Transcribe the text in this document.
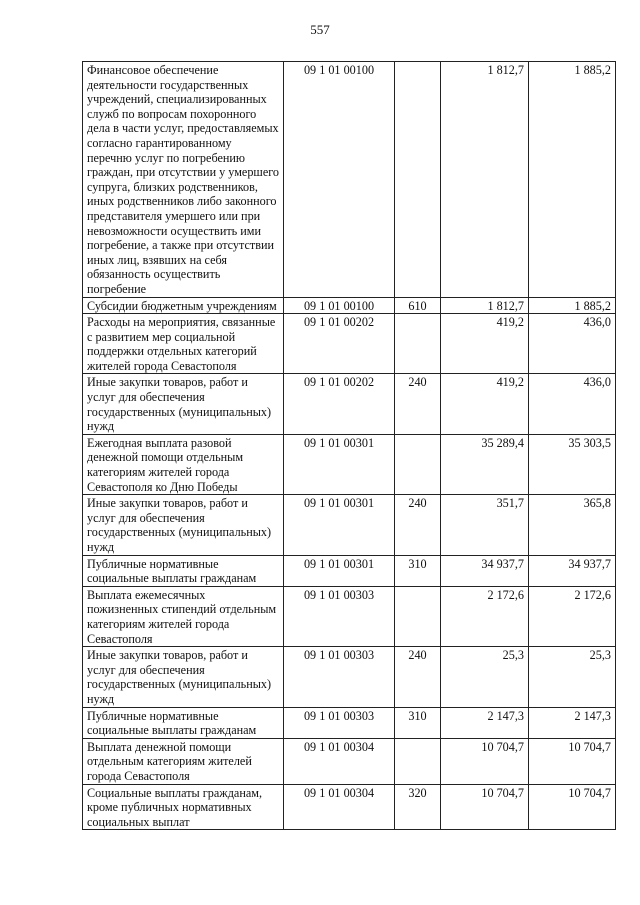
557
Финансовое обеспечение деятельности государственных учреждений, специализированных служб по вопросам похоронного дела в части услуг, предоставляемых согласно гарантированному перечню услуг по погребению граждан, при отсутствии у умершего супруга, близких родственников, иных родственников либо законного представителя умершего или при невозможности осуществить ими погребение, а также при отсутствии иных лиц, взявших на себя обязанность осуществить погребение	09 1 01 00100		1 812,7	1 885,2
Субсидии бюджетным учреждениям	09 1 01 00100	610	1 812,7	1 885,2
Расходы на мероприятия, связанные с развитием мер социальной поддержки отдельных категорий жителей города Севастополя	09 1 01 00202		419,2	436,0
Иные закупки товаров, работ и услуг для обеспечения государственных (муниципальных) нужд	09 1 01 00202	240	419,2	436,0
Ежегодная выплата разовой денежной помощи отдельным категориям жителей города Севастополя ко Дню Победы	09 1 01 00301		35 289,4	35 303,5
Иные закупки товаров, работ и услуг для обеспечения государственных (муниципальных) нужд	09 1 01 00301	240	351,7	365,8
Публичные нормативные социальные выплаты гражданам	09 1 01 00301	310	34 937,7	34 937,7
Выплата ежемесячных пожизненных стипендий отдельным категориям жителей города Севастополя	09 1 01 00303		2 172,6	2 172,6
Иные закупки товаров, работ и услуг для обеспечения государственных (муниципальных) нужд	09 1 01 00303	240	25,3	25,3
Публичные нормативные социальные выплаты гражданам	09 1 01 00303	310	2 147,3	2 147,3
Выплата денежной помощи отдельным категориям жителей города Севастополя	09 1 01 00304		10 704,7	10 704,7
Социальные выплаты гражданам, кроме публичных нормативных социальных выплат	09 1 01 00304	320	10 704,7	10 704,7
